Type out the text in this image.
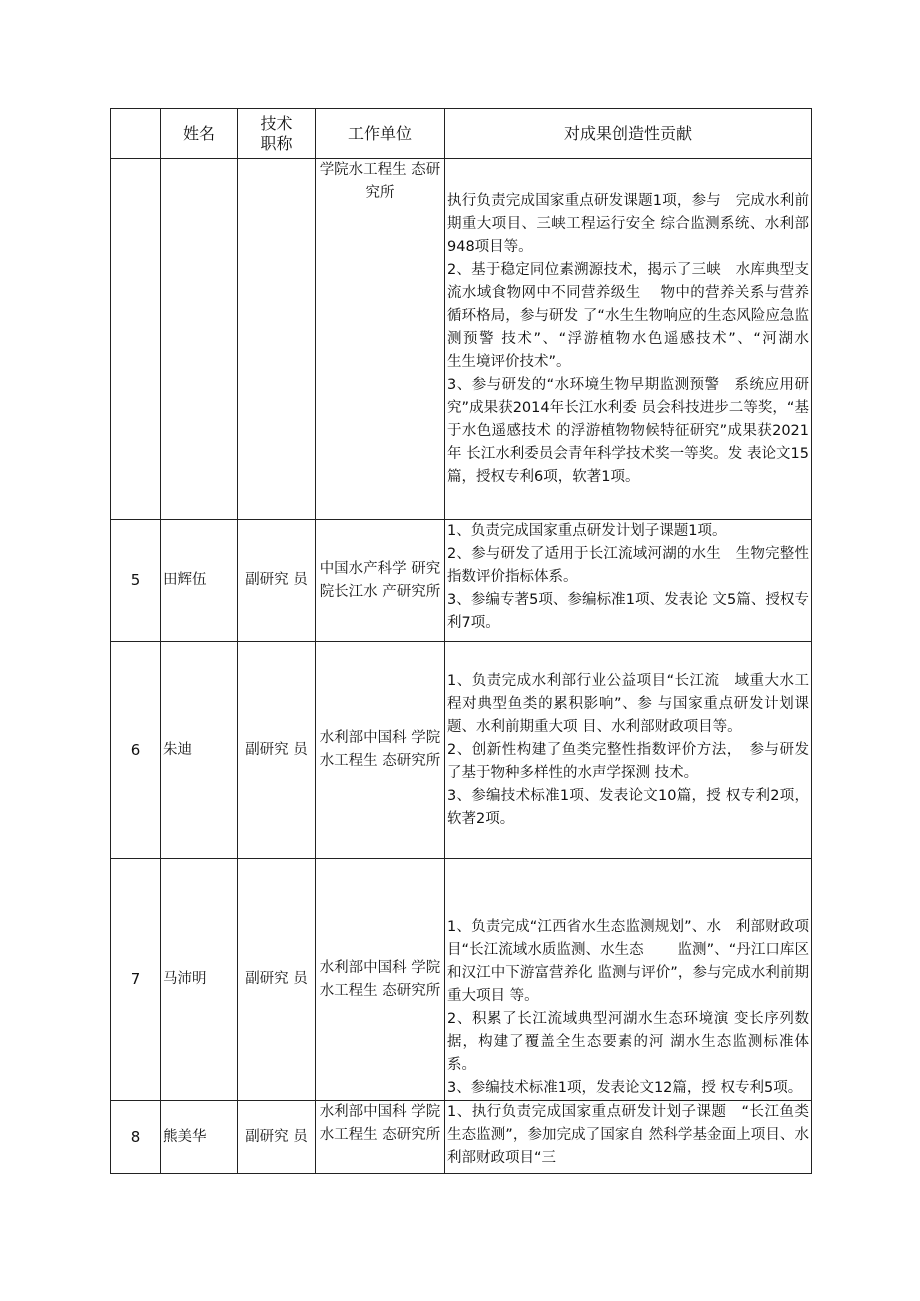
	姓名	技术
职称	工作单位	对成果创造性贡献
			学院水工程生 态研究所	执行负责完成国家重点研发课题1项，参与　完成水利前期重大项目、三峡工程运行安全 综合监测系统、水利部948项目等。

2、基于稳定同位素溯源技术，揭示了三峡　水库典型支流水域食物网中不同营养级生　 物中的营养关系与营养循环格局，参与研发 了“水生生物响应的生态风险应急监测预警 技术”、“浮游植物水色遥感技术”、“河湖水　　 生生境评价技术”。

3、参与研发的“水环境生物早期监测预警　系统应用研究”成果获2014年长江水利委 员会科技进步二等奖，“基于水色遥感技术 的浮游植物物候特征研究”成果获2021年 长江水利委员会青年科学技术奖一等奖。发 表论文15篇，授权专利6项，软著1项。

5	田辉伍	副研究 员	中国水产科学 研究院长江水 产研究所	1、负责完成国家重点研发计划子课题1项。

2、参与研发了适用于长江流域河湖的水生　生物完整性指数评价指标体系。

3、参编专著5项、参编标准1项、发表论 文5篇、授权专利7项。

6	朱迪	副研究 员	水利部中国科 学院水工程生 态研究所	1、负责完成水利部行业公益项目“长江流　域重大水工程对典型鱼类的累积影响”、参 与国家重点研发计划课题、水利前期重大项 目、水利部财政项目等。

2、创新性构建了鱼类完整性指数评价方法，　参与研发了基于物种多样性的水声学探测 技术。

3、参编技术标准1项、发表论文10篇，授 权专利2项，软著2项。

7	马沛明	副研究 员	水利部中国科 学院水工程生 态研究所	1、负责完成“江西省水生态监测规划”、水　利部财政项目“长江流域水质监测、水生态　　 监测”、“丹江口库区和汉江中下游富营养化 监测与评价”，参与完成水利前期重大项目 等。

2、积累了长江流域典型河湖水生态环境演 变长序列数据，构建了覆盖全生态要素的河 湖水生态监测标准体系。

3、参编技术标准1项，发表论文12篇，授 权专利5项。

8	熊美华	副研究 员	水利部中国科 学院水工程生 态研究所	1、执行负责完成国家重点研发计划子课题　“长江鱼类生态监测”，参加完成了国家自 然科学基金面上项目、水利部财政项目“三
